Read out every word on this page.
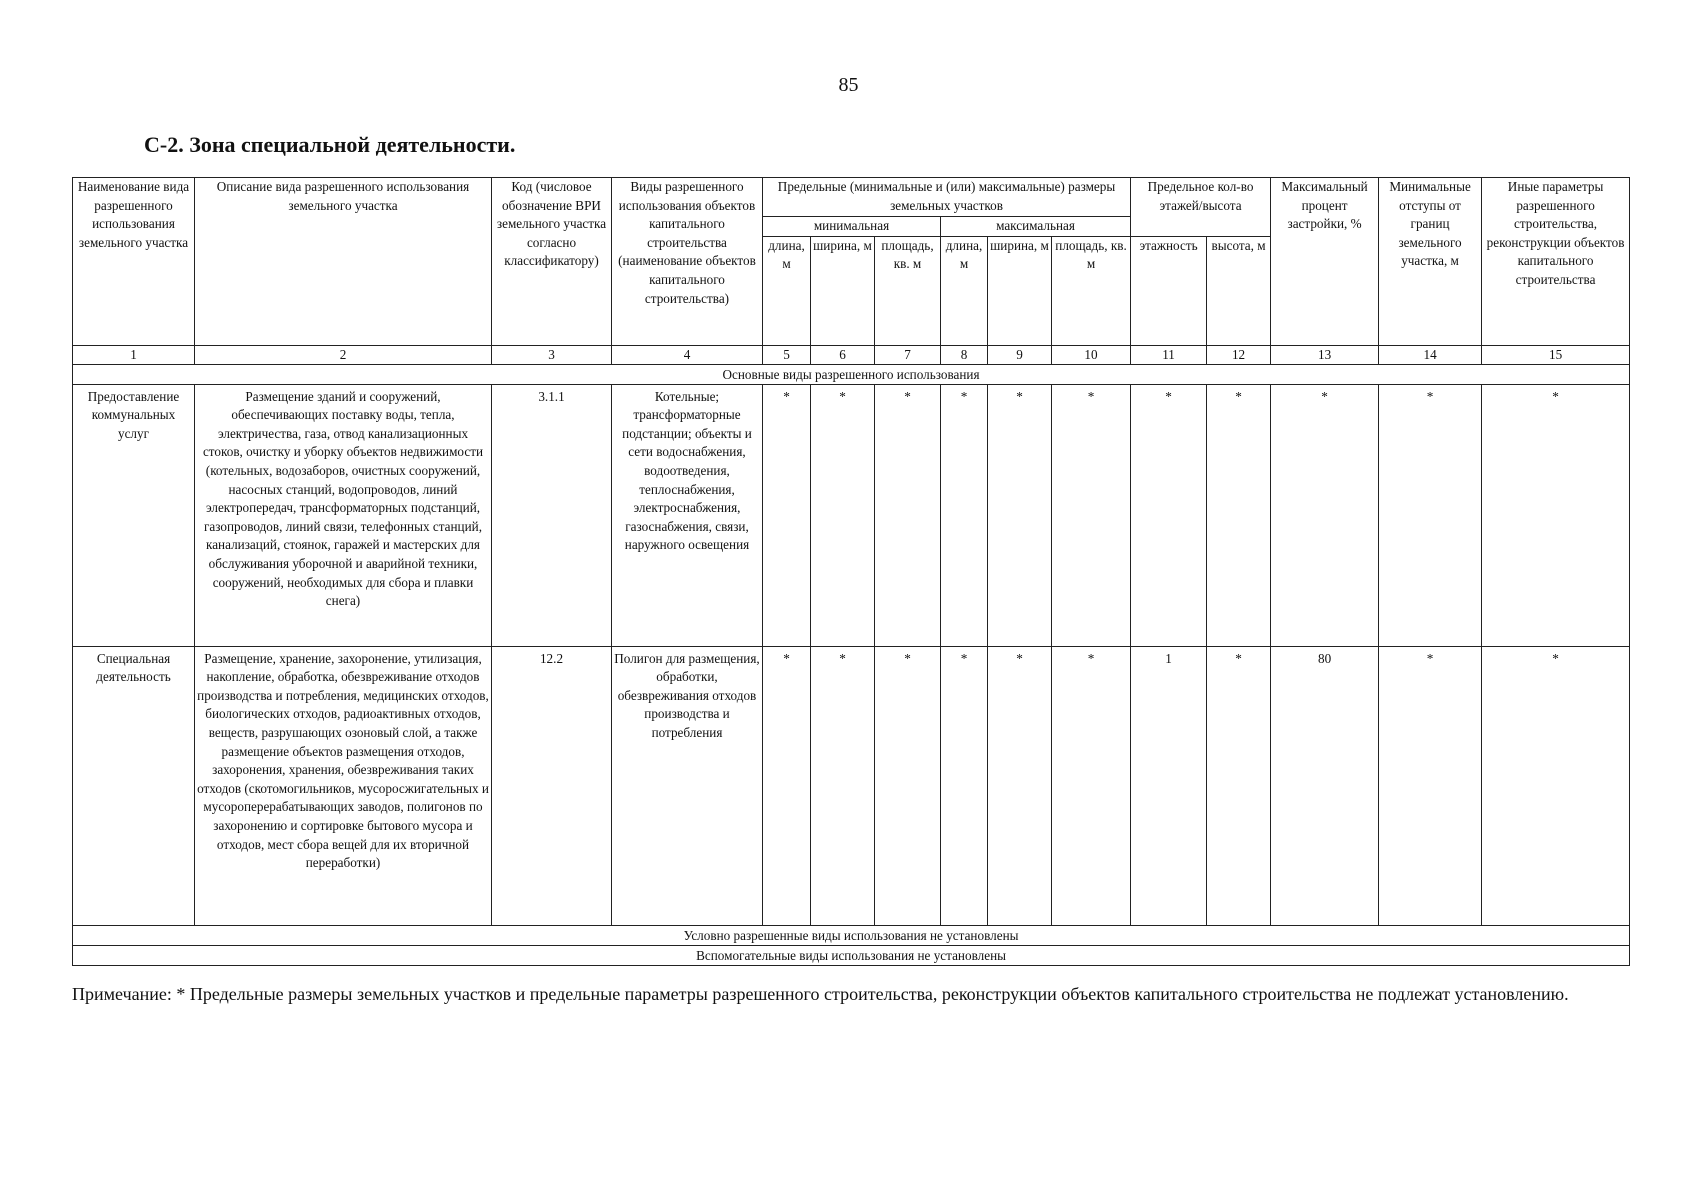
85
С-2. Зона специальной деятельности.
Наименование вида разрешенного использования земельного участка	Описание вида разрешенного использования земельного участка	Код (числовое обозначение ВРИ земельного участка согласно классификатору)	Виды разрешенного использования объектов капитального строительства (наименование объектов капитального строительства)	Предельные (минимальные и (или) максимальные) размеры земельных участков						Предельное кол-во этажей/высота		Максимальный процент застройки, %	Минимальные отступы от границ земельного участка, м	Иные параметры разрешенного строительства, реконструкции объектов капитального строительства
				минимальная			максимальная							
				длина, м	ширина, м	площадь, кв. м	длина, м	ширина, м	площадь, кв. м	этажность	высота, м			
1	2	3	4	5	6	7	8	9	10	11	12	13	14	15
Основные виды разрешенного использования														
Предоставление коммунальных услуг	Размещение зданий и сооружений, обеспечивающих поставку воды, тепла, электричества, газа, отвод канализационных стоков, очистку и уборку объектов недвижимости (котельных, водозаборов, очистных сооружений, насосных станций, водопроводов, линий электропередач, трансформаторных подстанций, газопроводов, линий связи, телефонных станций, канализаций, стоянок, гаражей и мастерских для обслуживания уборочной и аварийной техники, сооружений, необходимых для сбора и плавки снега)	3.1.1	Котельные; трансформаторные подстанции; объекты и сети водоснабжения, водоотведения, теплоснабжения, электроснабжения, газоснабжения, связи, наружного освещения	*	*	*	*	*	*	*	*	*	*	*
Специальная деятельность	Размещение, хранение, захоронение, утилизация, накопление, обработка, обезвреживание отходов производства и потребления, медицинских отходов, биологических отходов, радиоактивных отходов, веществ, разрушающих озоновый слой, а также размещение объектов размещения отходов, захоронения, хранения, обезвреживания таких отходов (скотомогильников, мусоросжигательных и мусороперерабатывающих заводов, полигонов по захоронению и сортировке бытового мусора и отходов, мест сбора вещей для их вторичной переработки)	12.2	Полигон для размещения, обработки, обезвреживания отходов производства и потребления	*	*	*	*	*	*	1	*	80	*	*
Условно разрешенные виды использования не установлены														
Вспомогательные виды использования не установлены														

Примечание: * Предельные размеры земельных участков и предельные параметры разрешенного строительства, реконструкции объектов капитального строительства не подлежат установлению.
